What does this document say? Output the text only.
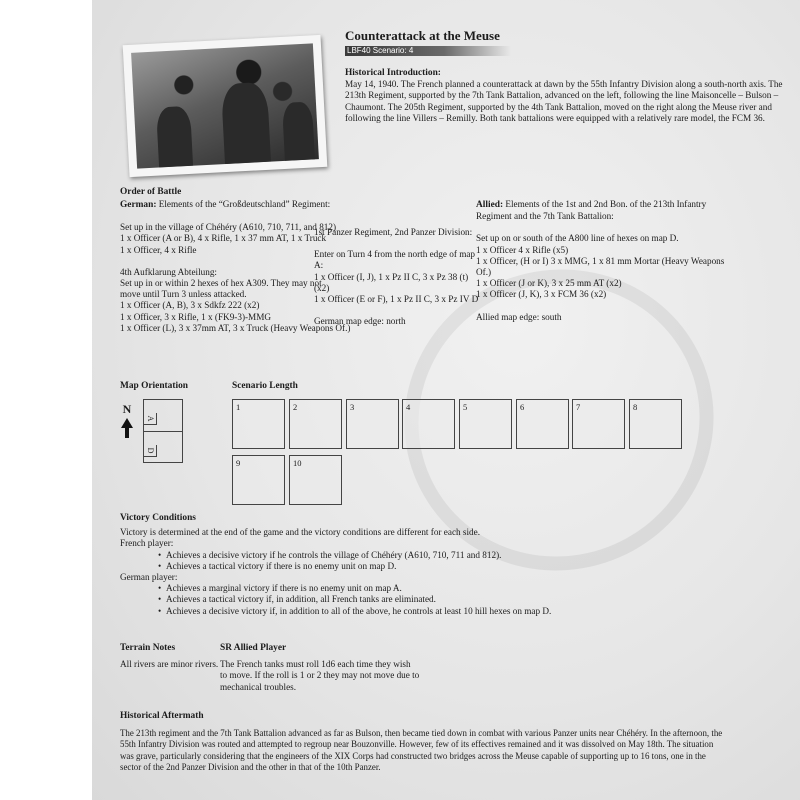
Counterattack at the Meuse
LBF40 Scenario: 4
Historical Introduction:
May 14, 1940. The French planned a counterattack at dawn by the 55th Infantry Division along a south-north axis. The 213th Regiment, supported by the 7th Tank Battalion, advanced on the left, following the line Maisoncelle – Bulson – Chaumont. The 205th Regiment, supported by the 4th Tank Battalion, moved on the right along the Meuse river and following the line Villers – Remilly. Both tank battalions were equipped with a relatively rare model, the FCM 36.
Order of Battle
German: Elements of the “Großdeutschland” Regiment:
Set up in the village of Chéhéry (A610, 710, 711, and 812)
1 x Officer (A or B), 4 x Rifle, 1 x 37 mm AT, 1 x Truck
1 x Officer, 4 x Rifle
4th Aufklarung Abteilung:
Set up in or within 2 hexes of hex A309. They may not
move until Turn 3 unless attacked.
1 x Officer (A, B), 3 x Sdkfz 222 (x2)
1 x Officer, 3 x Rifle, 1 x (FK9-3)-MMG
1 x Officer (L), 3 x 37mm AT, 3 x Truck (Heavy Weapons Of.)
1st Panzer Regiment, 2nd Panzer Division:
Enter on Turn 4 from the north edge of map A:
1 x Officer (I, J), 1 x Pz II C, 3 x Pz 38 (t) (x2)
1 x Officer (E or F), 1 x Pz II C, 3 x Pz IV D
German map edge: north
Allied: Elements of the 1st and 2nd Bon. of the 213th Infantry
Regiment and the 7th Tank Battalion:
Set up on or south of the A800 line of hexes on map D.
1 x Officer 4 x Rifle (x5)
1 x Officer, (H or I) 3 x MMG, 1 x 81 mm Mortar (Heavy Weapons
Of.)
1 x Officer (J or K), 3 x 25 mm AT (x2)
1 x Officer (J, K), 3 x FCM 36 (x2)
Allied map edge: south
Map Orientation
N
A
D
Scenario Length
1	2	3	4	5	6	7	8
9	10
Victory Conditions
Victory is determined at the end of the game and the victory conditions are different for each side.
French player:
• Achieves a decisive victory if he controls the village of Chéhéry (A610, 710, 711 and 812).
• Achieves a tactical victory if there is no enemy unit on map D.
German player:
• Achieves a marginal victory if there is no enemy unit on map A.
• Achieves a tactical victory if, in addition, all French tanks are eliminated.
• Achieves a decisive victory if, in addition to all of the above, he controls at least 10 hill hexes on map D.
Terrain Notes
All rivers are minor rivers.
SR Allied Player
The French tanks must roll 1d6 each time they wish
to move. If the roll is 1 or 2 they may not move due to
mechanical troubles.
Historical Aftermath
The 213th regiment and the 7th Tank Battalion advanced as far as Bulson, then became tied down in combat with various Panzer units near Chéhéry. In the afternoon, the
55th Infantry Division was routed and attempted to regroup near Bouzonville. However, few of its effectives remained and it was dissolved on May 18th. The situation
was grave, particularly considering that the engineers of the XIX Corps had constructed two bridges across the Meuse capable of supporting up to 16 tons, one in the
sector of the 2nd Panzer Division and the other in that of the 10th Panzer.
